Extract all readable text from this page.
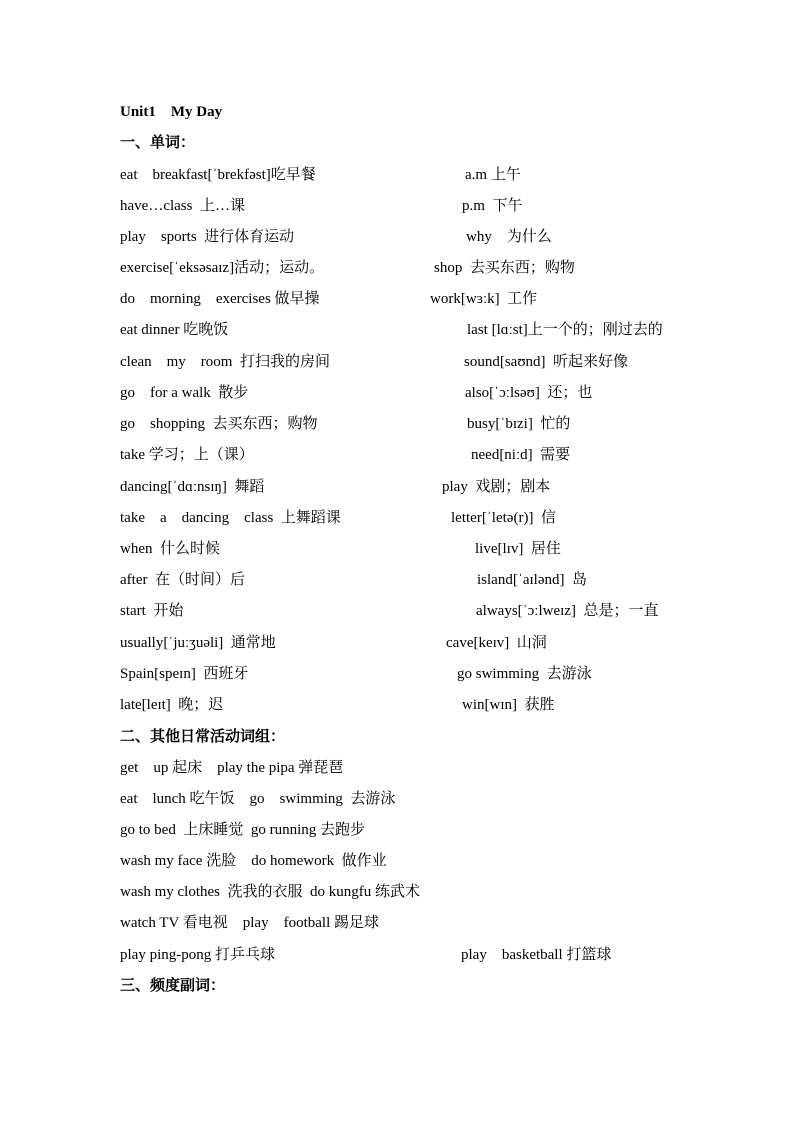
Unit1    My Day
一、单词：
eat    breakfast[ˈbrekfəst]吃早餐	a.m 上午
have…class  上…课	p.m  下午
play    sports  进行体育运动	why    为什么
exercise[ˈeksəsaɪz]活动；运动。	shop  去买东西；购物
do    morning    exercises 做早操	work[wɜːk]  工作
eat dinner 吃晚饭	last [lɑːst]上一个的；刚过去的
clean    my    room  打扫我的房间	sound[saʊnd]  听起来好像
go    for a walk  散步	also[ˈɔːlsəʊ]  还；也
go    shopping  去买东西；购物	busy[ˈbɪzi]  忙的
take 学习；上（课）	need[niːd]  需要
dancing[ˈdɑːnsɪŋ]  舞蹈	play  戏剧；剧本
take    a    dancing    class  上舞蹈课	letter[ˈletə(r)]  信
when  什么时候	live[lɪv]  居住
after  在（时间）后	island[ˈaɪlənd]  岛
start  开始	always[ˈɔːlweɪz]  总是；一直
usually[ˈjuːʒuəli]  通常地	cave[keɪv]  山洞
Spain[speɪn]  西班牙	go swimming  去游泳
late[leɪt]  晚；迟	win[wɪn]  获胜
二、其他日常活动词组：
get    up 起床    play the pipa 弹琵琶
eat    lunch 吃午饭    go    swimming  去游泳
go to bed  上床睡觉  go running 去跑步
wash my face 洗脸    do homework  做作业
wash my clothes  洗我的衣服  do kungfu 练武术
watch TV 看电视    play    football 踢足球
play ping-pong 打乒乓球	play    basketball 打篮球
三、频度副词：
